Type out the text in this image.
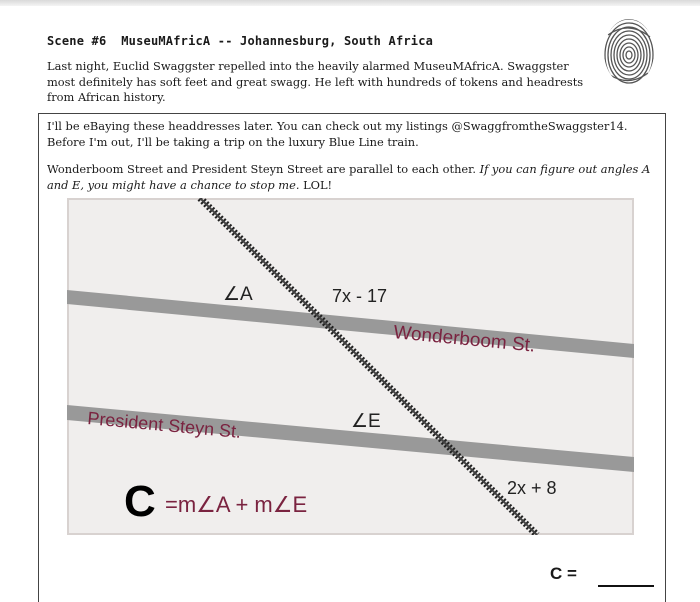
Scene #6  MuseuMAfricA -- Johannesburg, South Africa
Last night, Euclid Swaggster repelled into the heavily alarmed MuseuMAfricA. Swaggster most definitely has soft feet and great swagg. He left with hundreds of tokens and headrests from African history.
I'll be eBaying these headdresses later. You can check out my listings @SwaggfromtheSwaggster14. Before I'm out, I'll be taking a trip on the luxury Blue Line train.
Wonderboom Street and President Steyn Street are parallel to each other. If you can figure out angles A and E, you might have a chance to stop me. LOL!
∠A	7x - 17
Wonderboom St.
President Steyn St.	∠E
2x + 8
C =m∠A + m∠E
C =
